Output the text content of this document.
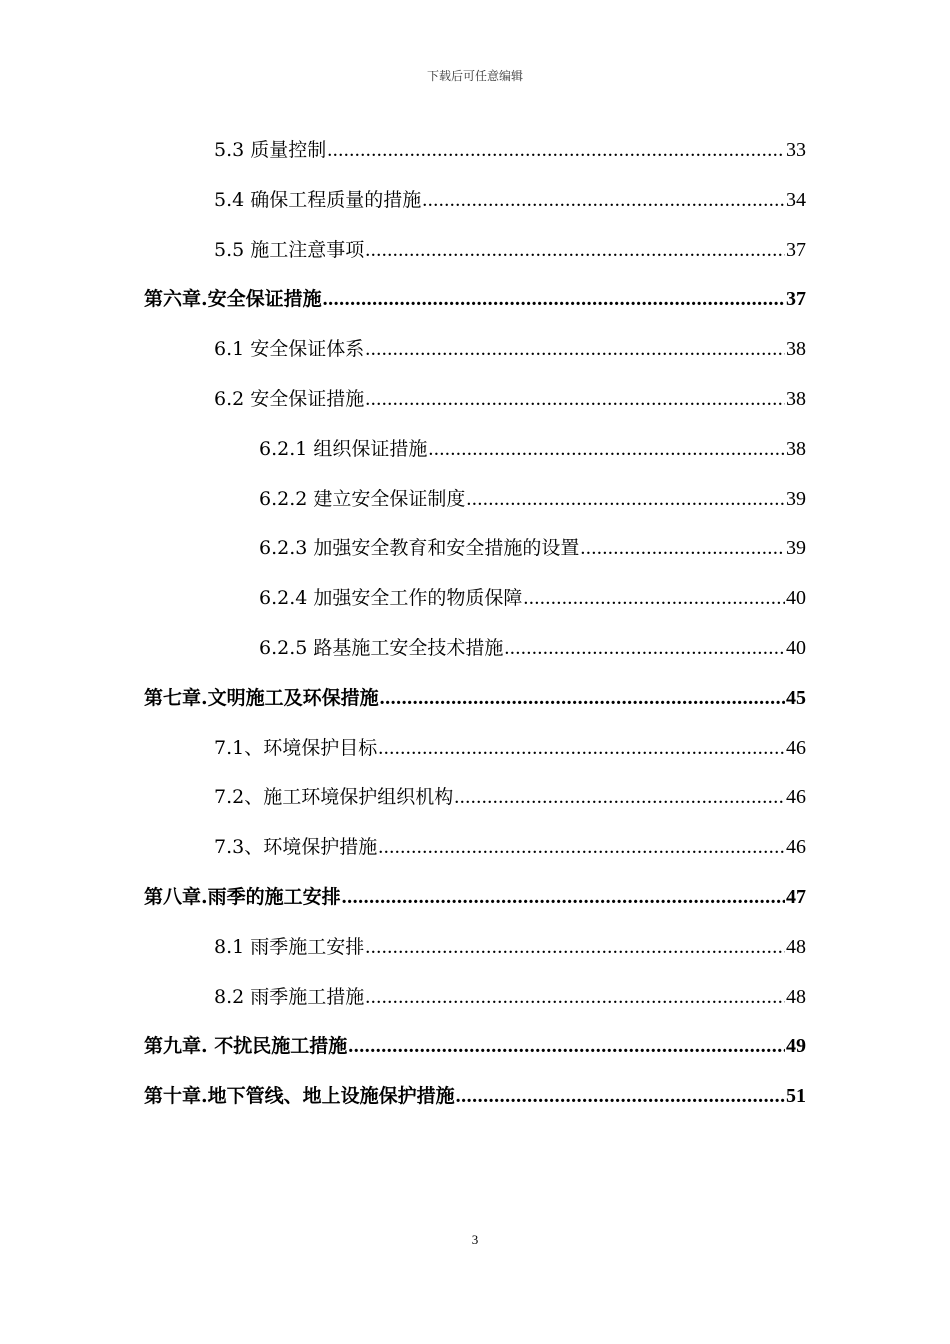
下载后可任意编辑
5.3 质量控制 .....	33
5.4 确保工程质量的措施 .....	34
5.5 施工注意事项 .....	37
第六章.安全保证措施 .....	37
6.1 安全保证体系 .....	38
6.2 安全保证措施 .....	38
6.2.1 组织保证措施 .....	38
6.2.2 建立安全保证制度 .....	39
6.2.3 加强安全教育和安全措施的设置 .....	39
6.2.4 加强安全工作的物质保障 .....	40
6.2.5 路基施工安全技术措施 .....	40
第七章.文明施工及环保措施 .....	45
7.1、环境保护目标 .....	46
7.2、施工环境保护组织机构 .....	46
7.3、环境保护措施 .....	46
第八章.雨季的施工安排 .....	47
8.1 雨季施工安排 .....	48
8.2 雨季施工措施 .....	48
第九章. 不扰民施工措施 .....	49
第十章.地下管线、地上设施保护措施 .....	51
3
